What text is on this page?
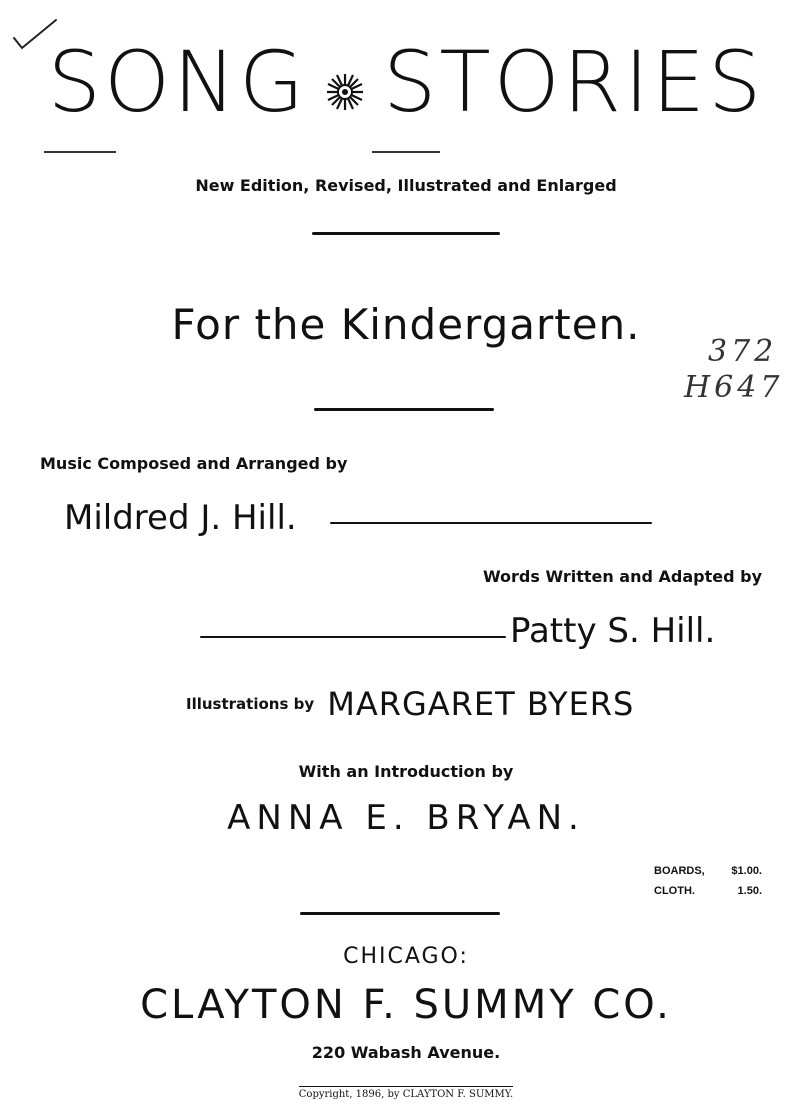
SONG STORIES
New Edition, Revised, Illustrated and Enlarged
For the Kindergarten.
372
H647
Music Composed and Arranged by
Mildred J. Hill.
Words Written and Adapted by
Patty S. Hill.
Illustrations by MARGARET BYERS
With an Introduction by
ANNA E. BRYAN.
BOARDS, $1.00.
CLOTH.	1.50.
CHICAGO:
CLAYTON F. SUMMY CO.
220 Wabash Avenue.
Copyright, 1896, by CLAYTON F. SUMMY.
